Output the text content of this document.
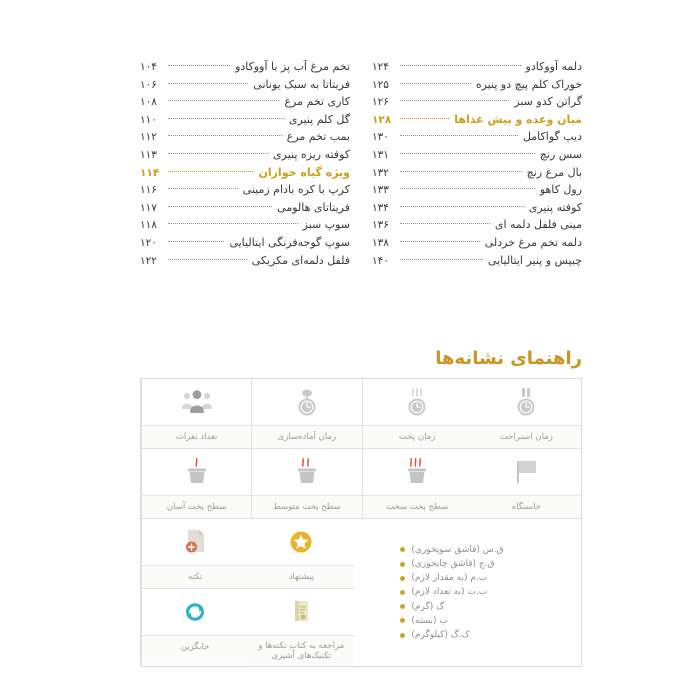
تخم مرغ آب پز با آووکادو
۱۰۴
فریتاتا به سبک یونانی
۱۰۶
کاری تخم مرغ
۱۰۸
گل کلم پنیری
۱۱۰
بمب تخم مرغ
۱۱۲
کوفته ریزه پنیری
۱۱۳
ویژه گیاه خواران
۱۱۴
کرپ با کره بادام زمینی
۱۱۶
فریتاتای هالومی
۱۱۷
سوپ سبز
۱۱۸
سوپ گوجه‌فرنگی ایتالیایی
۱۲۰
فلفل دلمه‌ای مکزیکی
۱۲۲
دلمه آووکادو
۱۲۴
خوراک کلم پیچ دو پنیره
۱۲۵
گراتن کدو سبز
۱۲۶
میان وعده و پیش غذاها
۱۲۸
دیپ گواکامل
۱۳۰
سس رنچ
۱۳۱
بال مرغ رنچ
۱۳۲
رول کاهو
۱۳۳
کوفته پنیری
۱۳۴
مینی فلفل دلمه ای
۱۳۶
دلمه تخم مرغ خردلی
۱۳۸
چیپس و پنیر ایتالیایی
۱۴۰
راهنمای نشانه‌ها
زمان استراحت
زمان پخت
زمان آماده‌سازی
تعداد نفرات
خاستگاه
سطح پخت سخت
سطح پخت متوسط
سطح پخت آسان
ق.س (قاشق سوپخوری)
ق.چ (قاشق چایخوری)
ب.م (به مقدار لازم)
ب.ت (به تعداد لازم)
گ (گرم)
ب (بسته)
ک.گ (کیلوگرم)
پیشنهاد
نکته
مراجعه به کتاب نکته‌ها و تکنیک‌های آشپزی
جایگزین
